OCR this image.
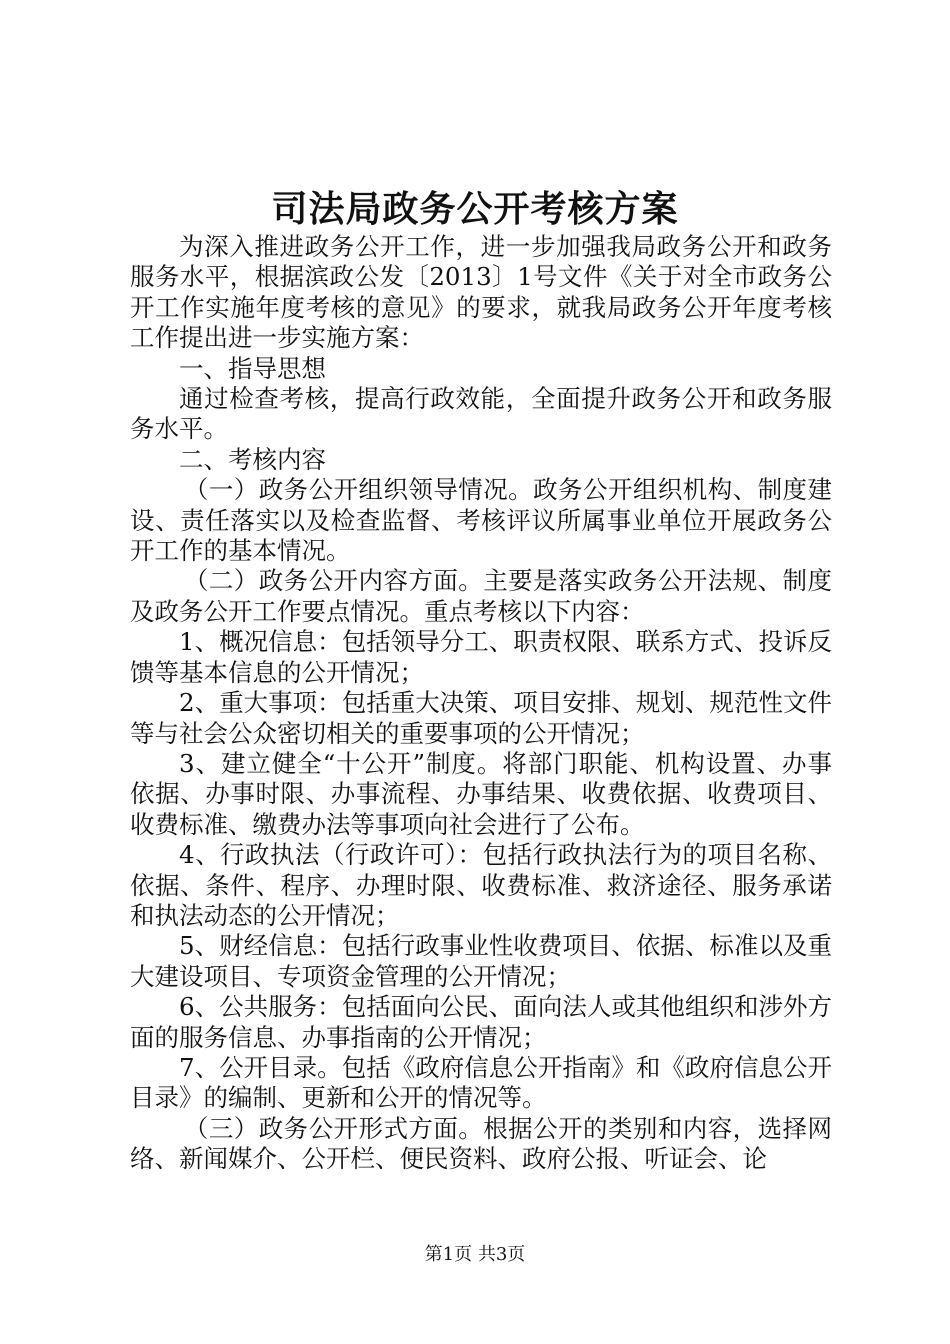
司法局政务公开考核方案

为深入推进政务公开工作，进一步加强我局政务公开和政务服务水平，根据滨政公发〔2013〕1号文件《关于对全市政务公开工作实施年度考核的意见》的要求，就我局政务公开年度考核工作提出进一步实施方案：

一、指导思想

通过检查考核，提高行政效能，全面提升政务公开和政务服务水平。

二、考核内容

（一）政务公开组织领导情况。政务公开组织机构、制度建设、责任落实以及检查监督、考核评议所属事业单位开展政务公开工作的基本情况。

（二）政务公开内容方面。主要是落实政务公开法规、制度及政务公开工作要点情况。重点考核以下内容：

1、概况信息：包括领导分工、职责权限、联系方式、投诉反馈等基本信息的公开情况；

2、重大事项：包括重大决策、项目安排、规划、规范性文件等与社会公众密切相关的重要事项的公开情况；

3、建立健全“十公开”制度。将部门职能、机构设置、办事依据、办事时限、办事流程、办事结果、收费依据、收费项目、收费标准、缴费办法等事项向社会进行了公布。

4、行政执法（行政许可）：包括行政执法行为的项目名称、依据、条件、程序、办理时限、收费标准、救济途径、服务承诺和执法动态的公开情况；

5、财经信息：包括行政事业性收费项目、依据、标准以及重大建设项目、专项资金管理的公开情况；

6、公共服务：包括面向公民、面向法人或其他组织和涉外方面的服务信息、办事指南的公开情况；

7、公开目录。包括《政府信息公开指南》和《政府信息公开目录》的编制、更新和公开的情况等。

（三）政务公开形式方面。根据公开的类别和内容，选择网络、新闻媒介、公开栏、便民资料、政府公报、听证会、论

第1页 共3页
